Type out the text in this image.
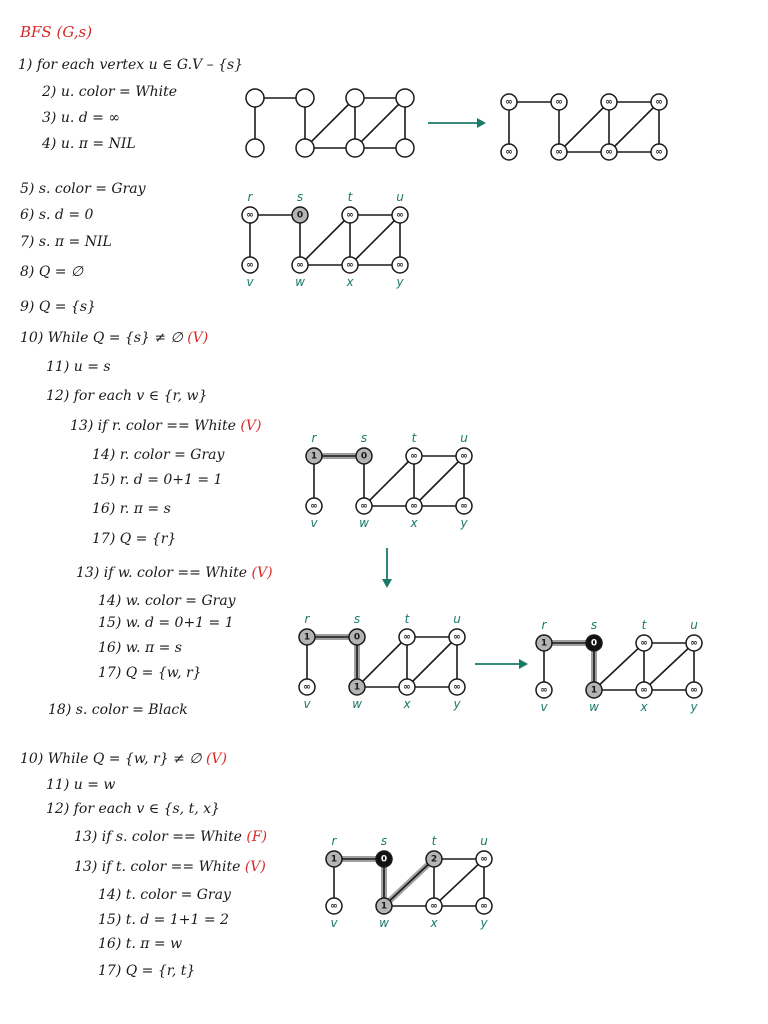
BFS (G,s)
1) for each vertex u ∈ G.V – {s}
2) u. color = White
3) u. d = ∞
4) u. π = NIL
5) s. color = Gray
6) s. d = 0
7) s. π = NIL
8) Q = ∅
9) Q = {s}
10) While Q = {s} ≠ ∅ (V)
11) u = s
12) for each v ∈ {r, w}
13) if r. color == White (V)
14) r. color = Gray
15) r. d = 0+1 = 1
16) r. π = s
17) Q = {r}
13) if w. color == White (V)
14) w. color = Gray
15) w. d = 0+1 = 1
16) w. π = s
17) Q = {w, r}
18) s. color = Black
10) While Q = {w, r} ≠ ∅ (V)
11) u = w
12) for each v ∈ {s, t, x}
13) if s. color == White (F)
13) if t. color == White (V)
14) t. color = Gray
15) t. d = 1+1 = 2
16) t. π = w
17) Q = {r, t}
∞	∞	∞	∞
∞	∞	∞	∞
∞
r
0
s
∞
t
∞
u
∞
v
∞
w
∞
x
∞
y
1
r
0
s
∞
t
∞
u
∞
v
∞
w
∞
x
∞
y
1
r
0
s
∞
t
∞
u
∞
v
1
w
∞
x
∞
y
1
r
0
s
∞
t
∞
u
∞
v
1
w
∞
x
∞
y
1
r
0
s
2
t
∞
u
∞
v
1
w
∞
x
∞
y
